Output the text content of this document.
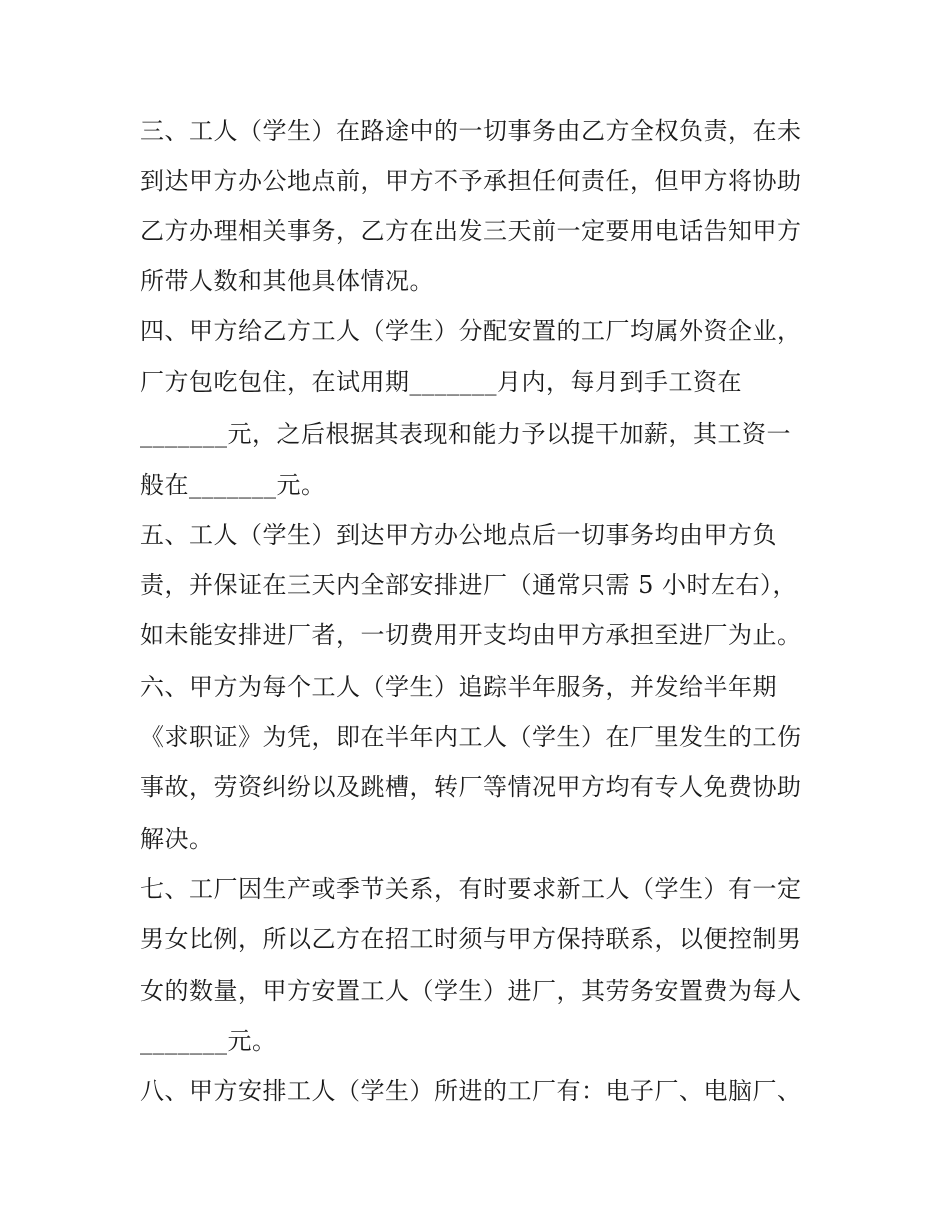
三、工人（学生）在路途中的一切事务由乙方全权负责，在未
到达甲方办公地点前，甲方不予承担任何责任，但甲方将协助
乙方办理相关事务，乙方在出发三天前一定要用电话告知甲方
所带人数和其他具体情况。
四、甲方给乙方工人（学生）分配安置的工厂均属外资企业，
厂方包吃包住，在试用期_______月内，每月到手工资在
_______元，之后根据其表现和能力予以提干加薪，其工资一
般在_______元。
五、工人（学生）到达甲方办公地点后一切事务均由甲方负
责，并保证在三天内全部安排进厂（通常只需 5 小时左右），
如未能安排进厂者，一切费用开支均由甲方承担至进厂为止。
六、甲方为每个工人（学生）追踪半年服务，并发给半年期
《求职证》为凭，即在半年内工人（学生）在厂里发生的工伤
事故，劳资纠纷以及跳槽，转厂等情况甲方均有专人免费协助
解决。
七、工厂因生产或季节关系，有时要求新工人（学生）有一定
男女比例，所以乙方在招工时须与甲方保持联系，以便控制男
女的数量，甲方安置工人（学生）进厂，其劳务安置费为每人
_______元。
八、甲方安排工人（学生）所进的工厂有：电子厂、电脑厂、
